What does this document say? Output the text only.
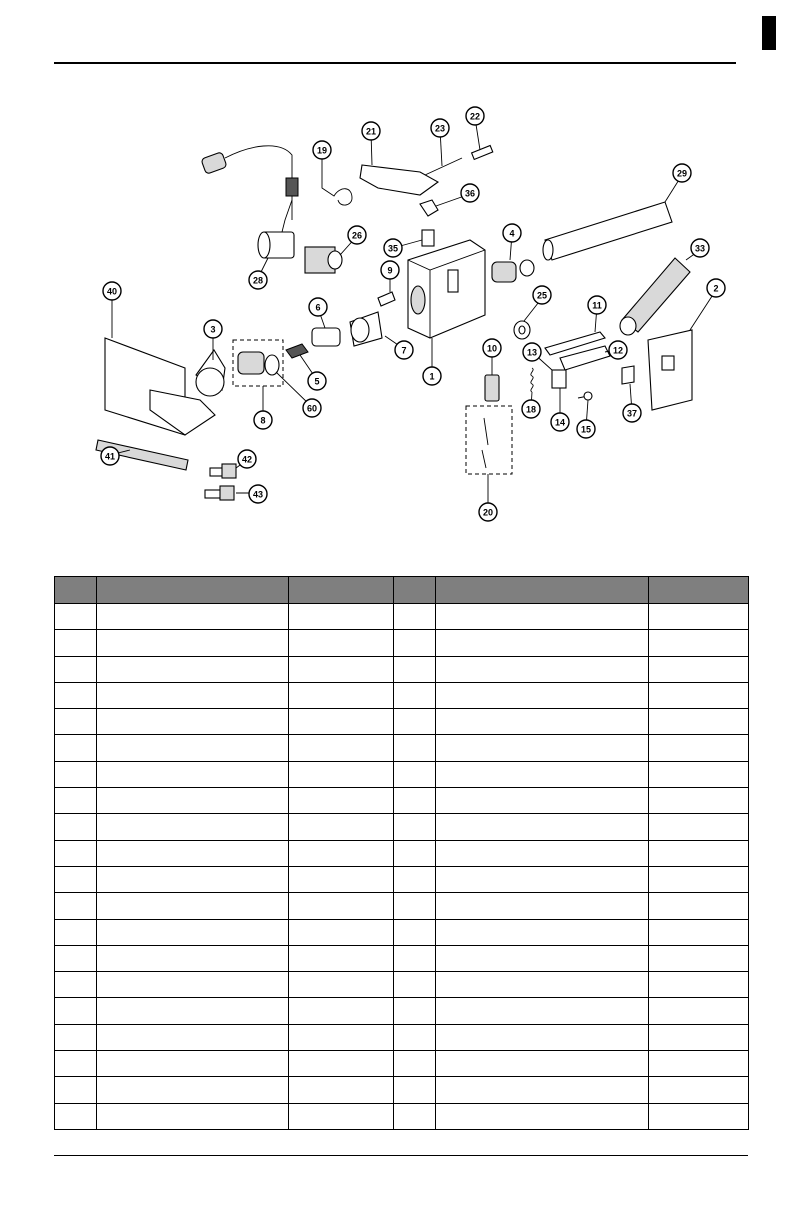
1
2
3
4
5
6
7
8
9
10
11
12
13
14
15
18
19
20
21
22
23
25
26
28
29
33
35
36
37
40
41	42
43
60
